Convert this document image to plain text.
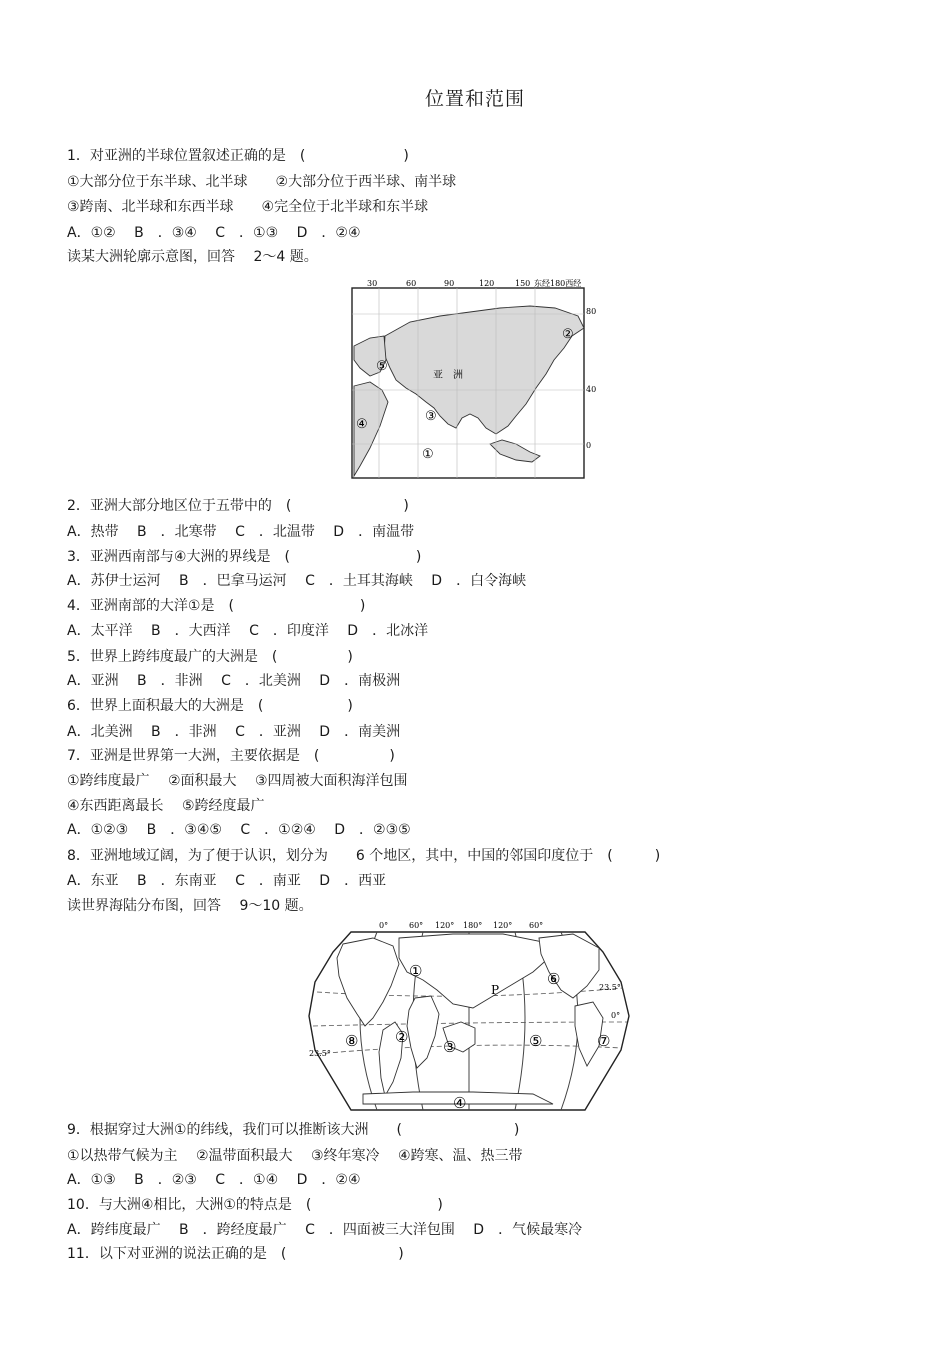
位置和范围
1．对亚洲的半球位置叙述正确的是　(　　　　　　　)
①大部分位于东半球、北半球　　②大部分位于西半球、南半球
③跨南、北半球和东西半球　　④完全位于北半球和东半球
A．①②　 B　．③④　 C　．①③　 D　．②④
读某大洲轮廓示意图，回答　 2～4 题。
30	60	90	120	150 东经180西经
80
40
0
亚　洲
①
②
③
④
⑤
2．亚洲大部分地区位于五带中的　(　　　　　　　　)
A．热带　 B　．北寒带　 C　．北温带　 D　．南温带
3．亚洲西南部与④大洲的界线是　(　　　　　　　　　)
A．苏伊士运河　 B　．巴拿马运河　 C　．土耳其海峡　 D　．白令海峡
4．亚洲南部的大洋①是　(　　　　　　　　　)
A．太平洋　 B　．大西洋　 C　．印度洋　 D　．北冰洋
5．世界上跨纬度最广的大洲是　(　　　　　)
A．亚洲　 B　．非洲　 C　．北美洲　 D　．南极洲
6．世界上面积最大的大洲是　(　　　　　　)
A．北美洲　 B　．非洲　 C　．亚洲　 D　．南美洲
7．亚洲是世界第一大洲，主要依据是　(　　　　　)
①跨纬度最广　 ②面积最大　 ③四周被大面积海洋包围
④东西距离最长　 ⑤跨经度最广
A．①②③　 B　．③④⑤　 C　．①②④　 D　．②③⑤
8．亚洲地域辽阔，为了便于认识，划分为　　6 个地区，其中，中国的邻国印度位于　(　　　)
A．东亚　 B　．东南亚　 C　．南亚　 D　．西亚
读世界海陆分布图，回答　 9～10 题。
0°	60° 120° 180° 120° 60°
23.5°
0°
23.5°
P
①
②
③
④
⑤
⑥
⑦
⑧
9．根据穿过大洲①的纬线，我们可以推断该大洲　　(　　　　　　　　)
①以热带气候为主　 ②温带面积最大　 ③终年寒冷　 ④跨寒、温、热三带
A．①③　 B　．②③　 C　．①④　 D　．②④
10．与大洲④相比，大洲①的特点是　(　　　　　　　　　)
A．跨纬度最广　 B　．跨经度最广　 C　．四面被三大洋包围　 D　．气候最寒冷
11．以下对亚洲的说法正确的是　(　　　　　　　　)
